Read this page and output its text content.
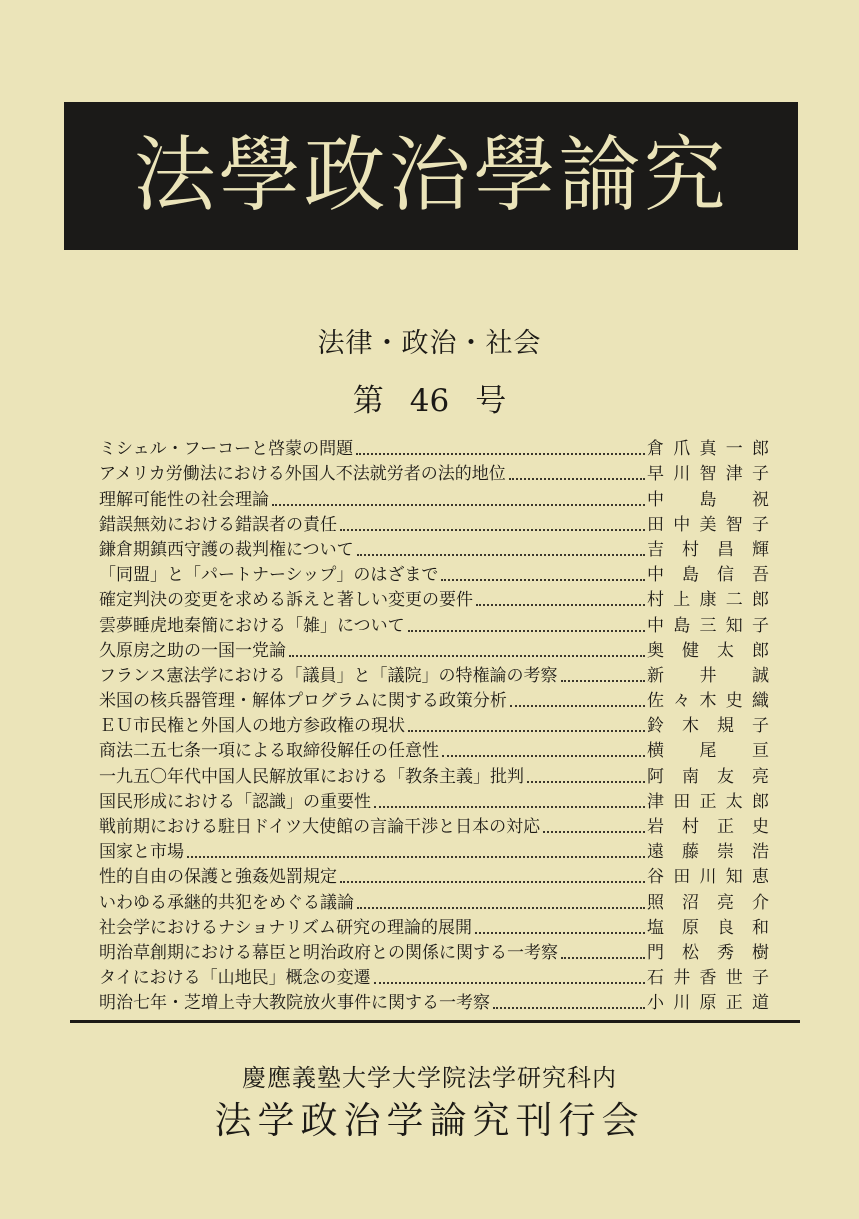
法學政治學論究
法律・政治・社会
第 46 号
ミシェル・フーコーと啓蒙の問題	倉 爪 真 一 郎
アメリカ労働法における外国人不法就労者の法的地位	早 川 智 津 子
理解可能性の社会理論	中 島 祝
錯誤無効における錯誤者の責任	田 中 美 智 子
鎌倉期鎮西守護の裁判権について	吉 村 昌 輝
「同盟」と「パートナーシップ」のはざまで	中 島 信 吾
確定判決の変更を求める訴えと著しい変更の要件	村 上 康 二 郎
雲夢睡虎地秦簡における「雑」について	中 島 三 知 子
久原房之助の一国一党論	奥 健 太 郎
フランス憲法学における「議員」と「議院」の特権論の考察	新 井 誠
米国の核兵器管理・解体プログラムに関する政策分析	佐 々 木 史 織
ＥＵ市民権と外国人の地方参政権の現状	鈴 木 規 子
商法二五七条一項による取締役解任の任意性	横 尾 亘
一九五〇年代中国人民解放軍における「教条主義」批判	阿 南 友 亮
国民形成における「認識」の重要性	津 田 正 太 郎
戦前期における駐日ドイツ大使館の言論干渉と日本の対応	岩 村 正 史
国家と市場	遠 藤 崇 浩
性的自由の保護と強姦処罰規定	谷 田 川 知 恵
いわゆる承継的共犯をめぐる議論	照 沼 亮 介
社会学におけるナショナリズム研究の理論的展開	塩 原 良 和
明治草創期における幕臣と明治政府との関係に関する一考察	門 松 秀 樹
タイにおける「山地民」概念の変遷	石 井 香 世 子
明治七年・芝増上寺大教院放火事件に関する一考察	小 川 原 正 道
慶應義塾大学大学院法学研究科内
法学政治学論究刊行会
